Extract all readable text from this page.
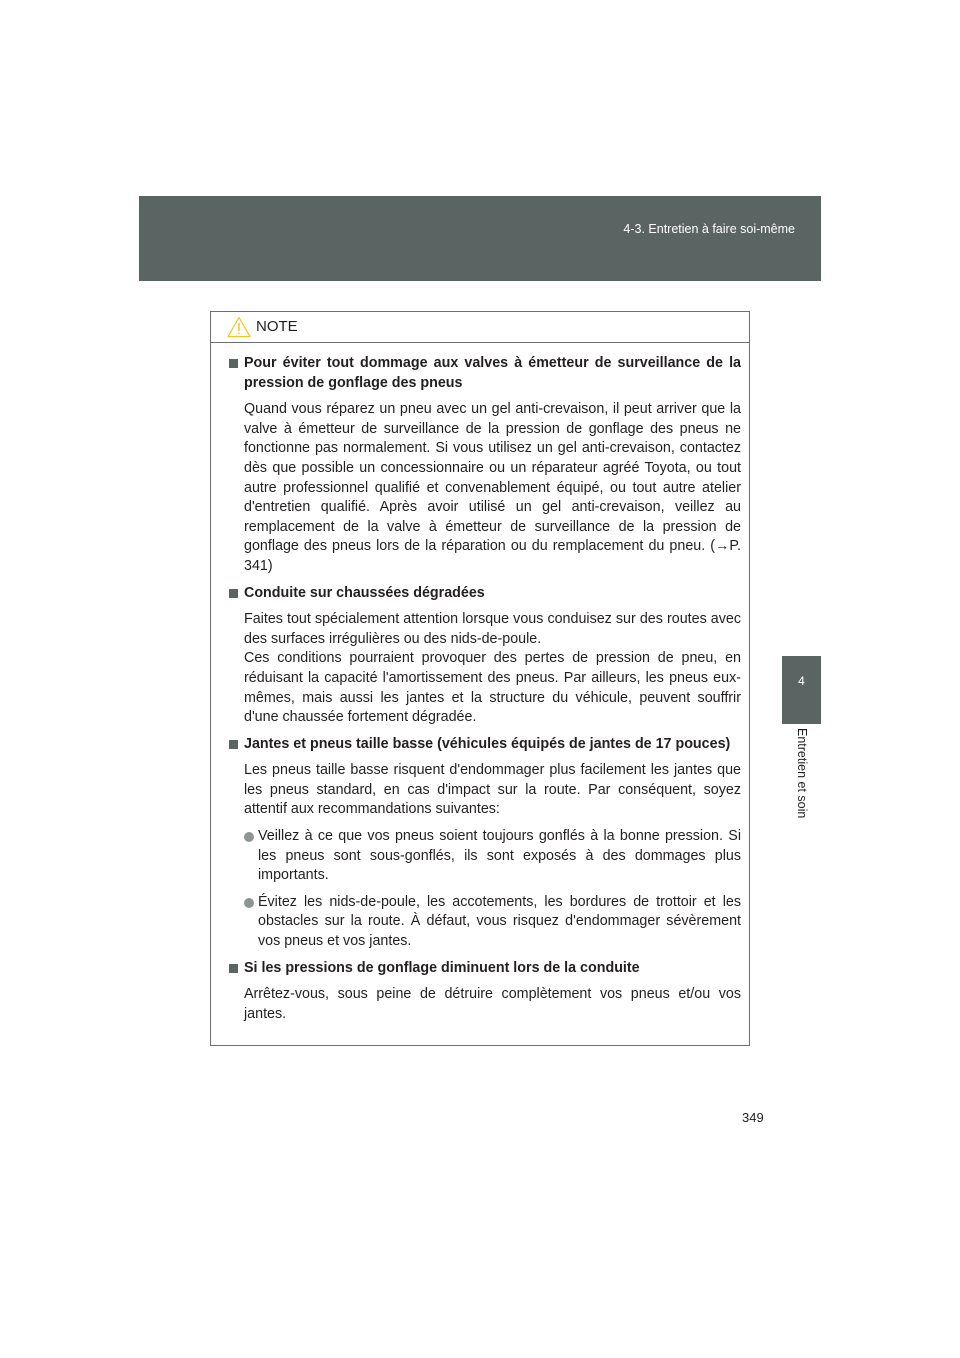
4-3. Entretien à faire soi-même
4
Entretien et soin
NOTE
Pour éviter tout dommage aux valves à émetteur de surveillance de la pression de gonflage des pneus

Quand vous réparez un pneu avec un gel anti-crevaison, il peut arriver que la valve à émetteur de surveillance de la pression de gonflage des pneus ne fonctionne pas normalement. Si vous utilisez un gel anti-crevaison, contactez dès que possible un concessionnaire ou un réparateur agréé Toyota, ou tout autre professionnel qualifié et convenablement équipé, ou tout autre atelier d'entretien qualifié. Après avoir utilisé un gel anti-crevaison, veillez au remplacement de la valve à émetteur de surveillance de la pression de gonflage des pneus lors de la réparation ou du remplacement du pneu. (→P. 341)

Conduite sur chaussées dégradées

Faites tout spécialement attention lorsque vous conduisez sur des routes avec des surfaces irrégulières ou des nids-de-poule.

Ces conditions pourraient provoquer des pertes de pression de pneu, en réduisant la capacité l'amortissement des pneus. Par ailleurs, les pneus eux-mêmes, mais aussi les jantes et la structure du véhicule, peuvent souffrir d'une chaussée fortement dégradée.

Jantes et pneus taille basse (véhicules équipés de jantes de 17 pouces)

Les pneus taille basse risquent d'endommager plus facilement les jantes que les pneus standard, en cas d'impact sur la route. Par conséquent, soyez attentif aux recommandations suivantes:

Veillez à ce que vos pneus soient toujours gonflés à la bonne pression. Si les pneus sont sous-gonflés, ils sont exposés à des dommages plus importants.
Évitez les nids-de-poule, les accotements, les bordures de trottoir et les obstacles sur la route. À défaut, vous risquez d'endommager sévèrement vos pneus et vos jantes.
Si les pressions de gonflage diminuent lors de la conduite

Arrêtez-vous, sous peine de détruire complètement vos pneus et/ou vos jantes.

349
